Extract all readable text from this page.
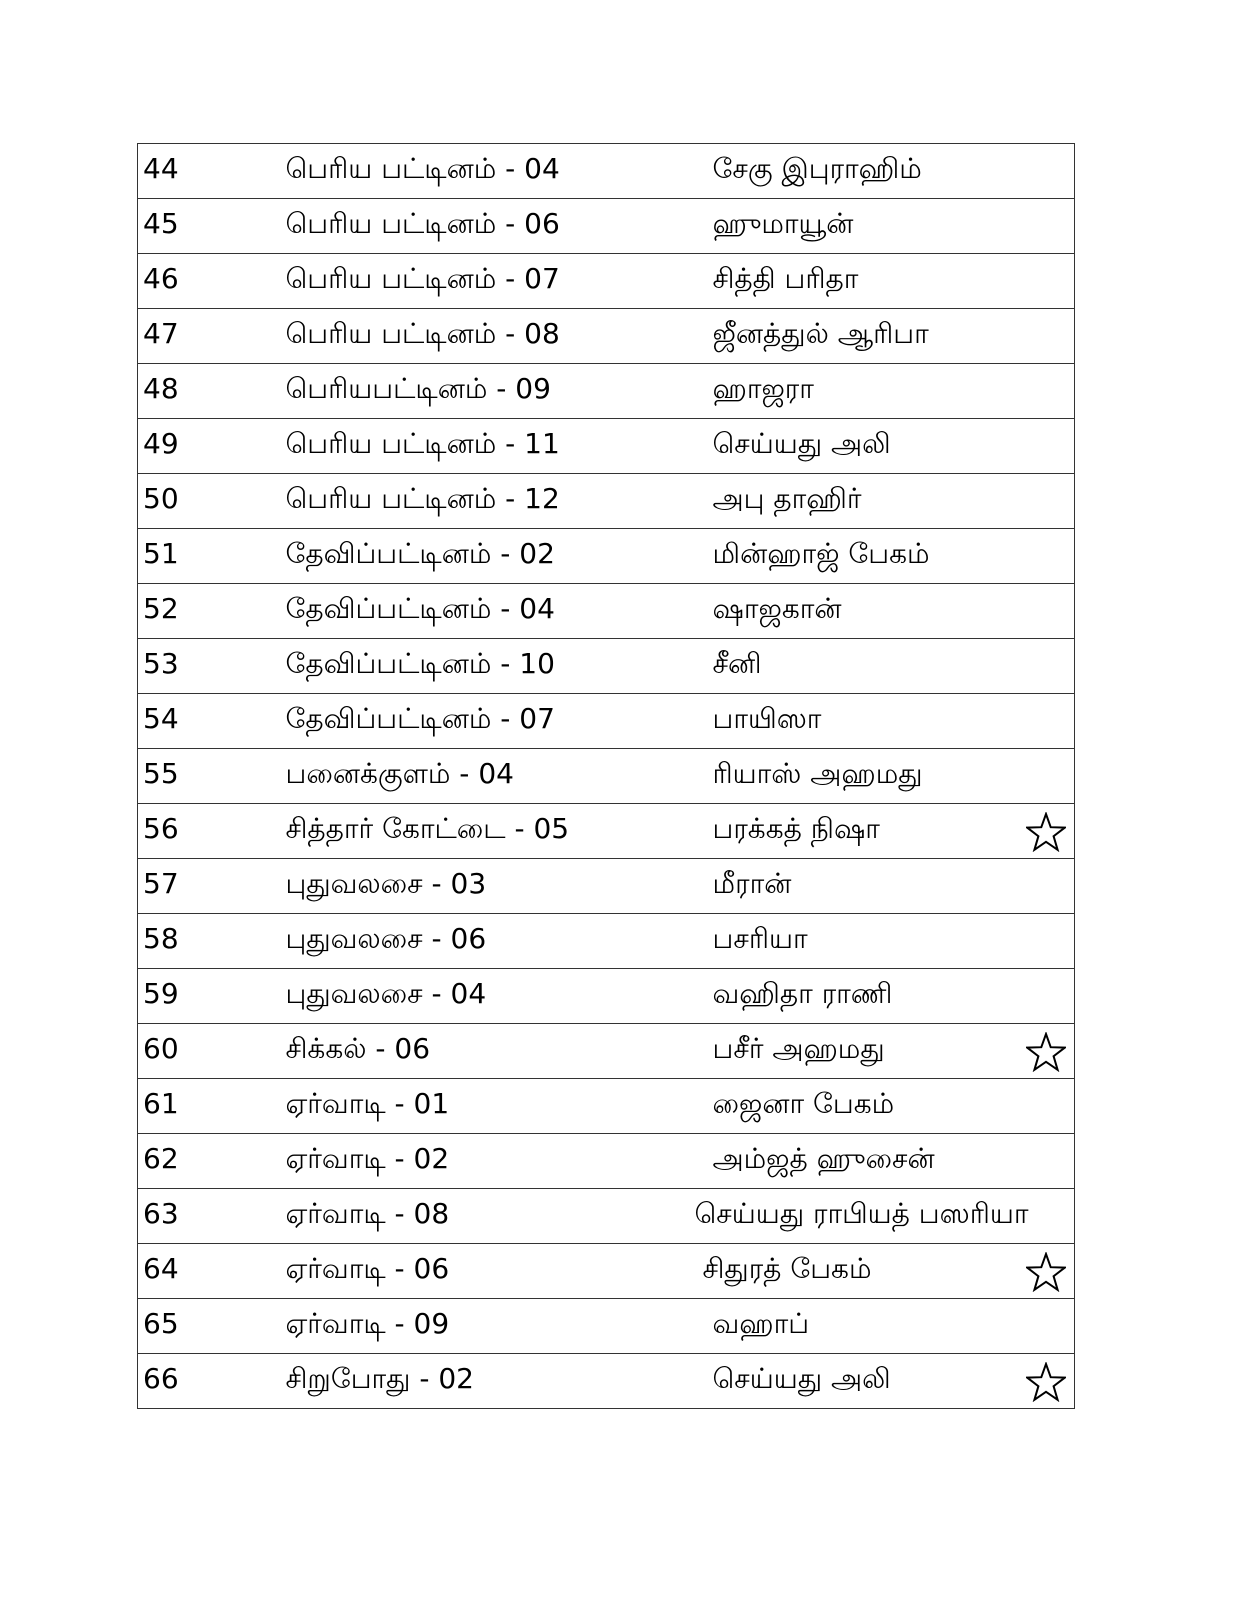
44	பெரிய பட்டினம் - 04	சேகு இபுராஹிம்

45	பெரிய பட்டினம் - 06	ஹுமாயூன்

46	பெரிய பட்டினம் - 07	சித்தி பரிதா

47	பெரிய பட்டினம் - 08	ஜீனத்துல் ஆரிபா

48	பெரியபட்டினம் - 09	ஹாஜரா

49	பெரிய பட்டினம் - 11	செய்யது அலி

50	பெரிய பட்டினம் - 12	அபு தாஹிர்

51	தேவிப்பட்டினம் - 02	மின்ஹாஜ் பேகம்

52	தேவிப்பட்டினம் - 04	ஷாஜகான்

53	தேவிப்பட்டினம் - 10	சீனி

54	தேவிப்பட்டினம் - 07	பாயிஸா

55	பனைக்குளம் - 04	ரியாஸ் அஹமது

56	சித்தார் கோட்டை - 05	பரக்கத் நிஷா

57	புதுவலசை - 03	மீரான்

58	புதுவலசை - 06	பசரியா

59	புதுவலசை - 04	வஹிதா ராணி

60	சிக்கல் - 06	பசீர் அஹமது

61	ஏர்வாடி - 01	ஜைனா பேகம்

62	ஏர்வாடி - 02	அம்ஜத் ஹுசைன்

63	ஏர்வாடி - 08	செய்யது ராபியத் பஸரியா

64	ஏர்வாடி - 06	சிதுரத் பேகம்

65	ஏர்வாடி - 09	வஹாப்

66	சிறுபோது - 02	செய்யது அலி
